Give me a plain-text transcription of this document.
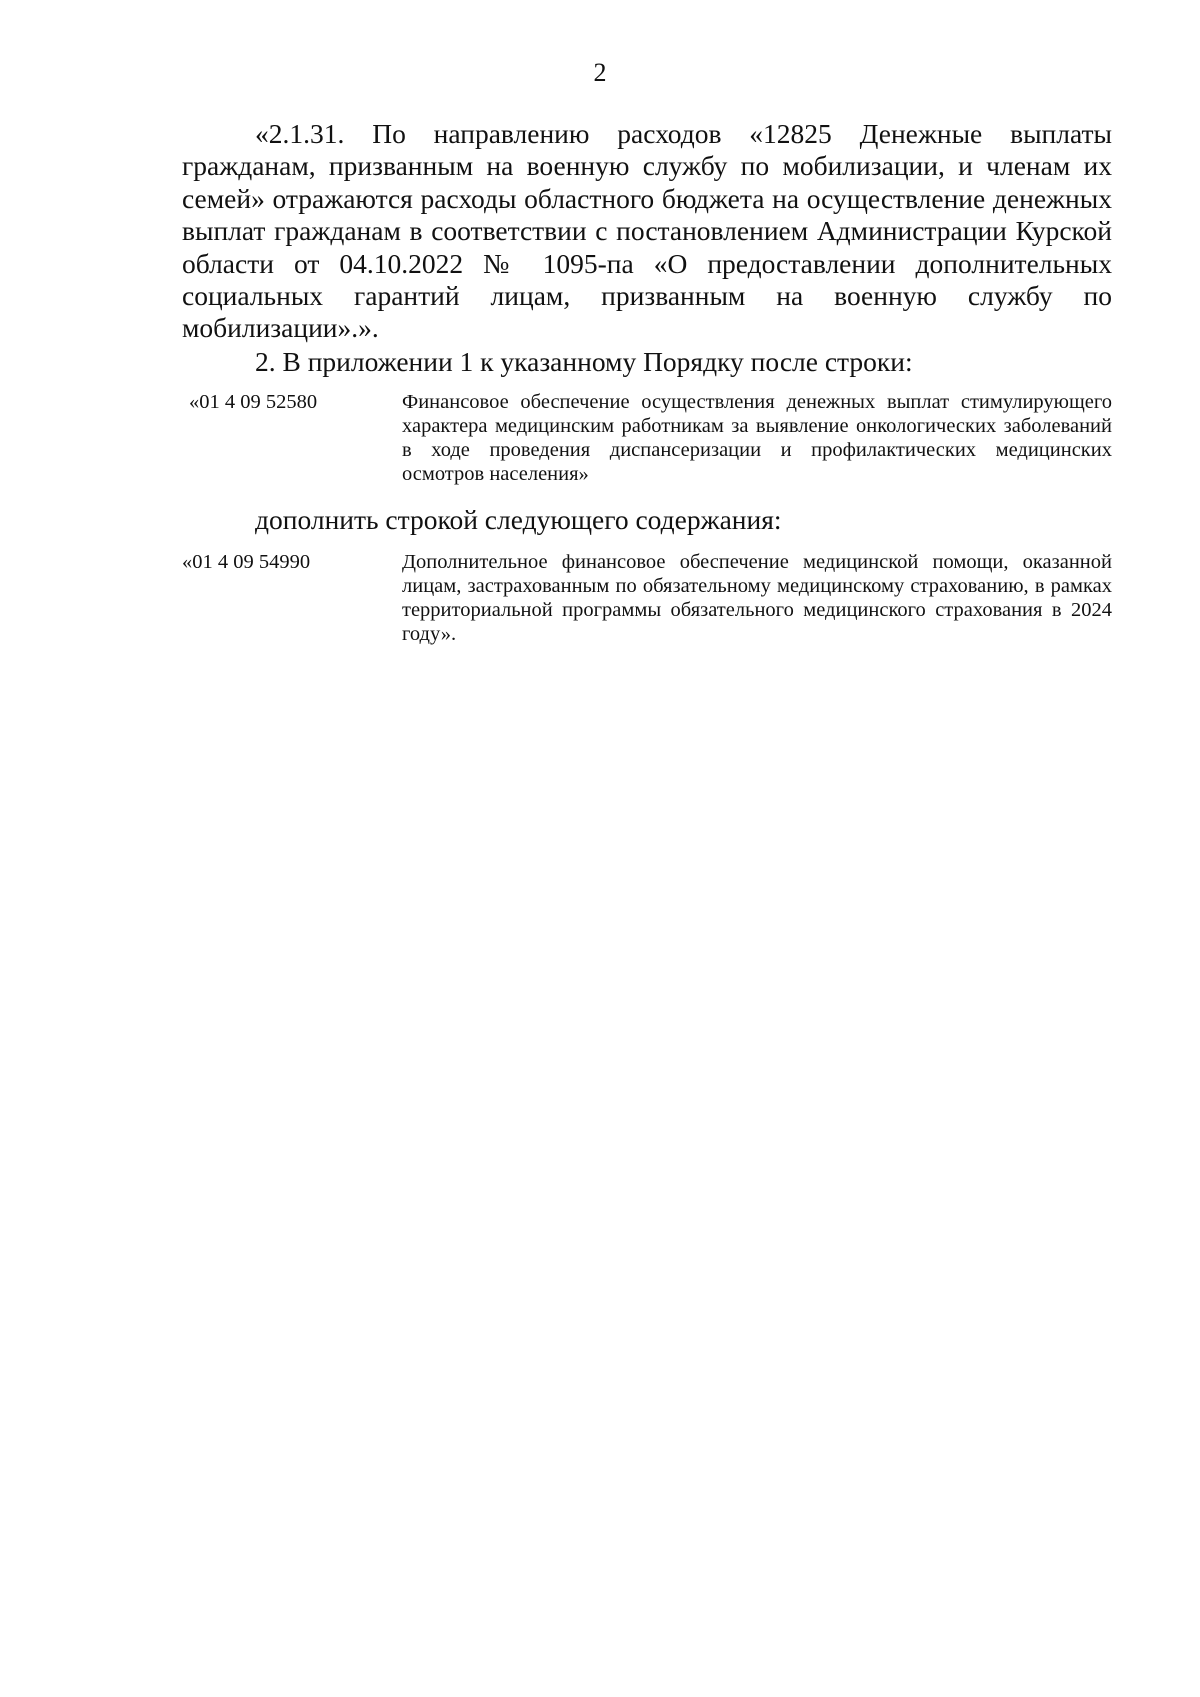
2

«2.1.31. По направлению расходов «12825 Денежные выплаты гражданам, призванным на военную службу по мобилизации, и членам их семей» отражаются расходы областного бюджета на осуществление денежных выплат гражданам в соответствии с постановлением Администрации Курской области от 04.10.2022 № 1095-па «О предоставлении дополнительных социальных гарантий лицам, призванным на военную службу по мобилизации».».

2. В приложении 1 к указанному Порядку после строки:

«01 4 09 52580	Финансовое обеспечение осуществления денежных выплат стимулирующего характера медицинским работникам за выявление онкологических заболеваний в ходе проведения диспансеризации и профилактических медицинских осмотров населения»

дополнить строкой следующего содержания:

«01 4 09 54990	Дополнительное финансовое обеспечение медицинской помощи, оказанной лицам, застрахованным по обязательному медицинскому страхованию, в рамках территориальной программы обязательного медицинского страхования в 2024 году».
